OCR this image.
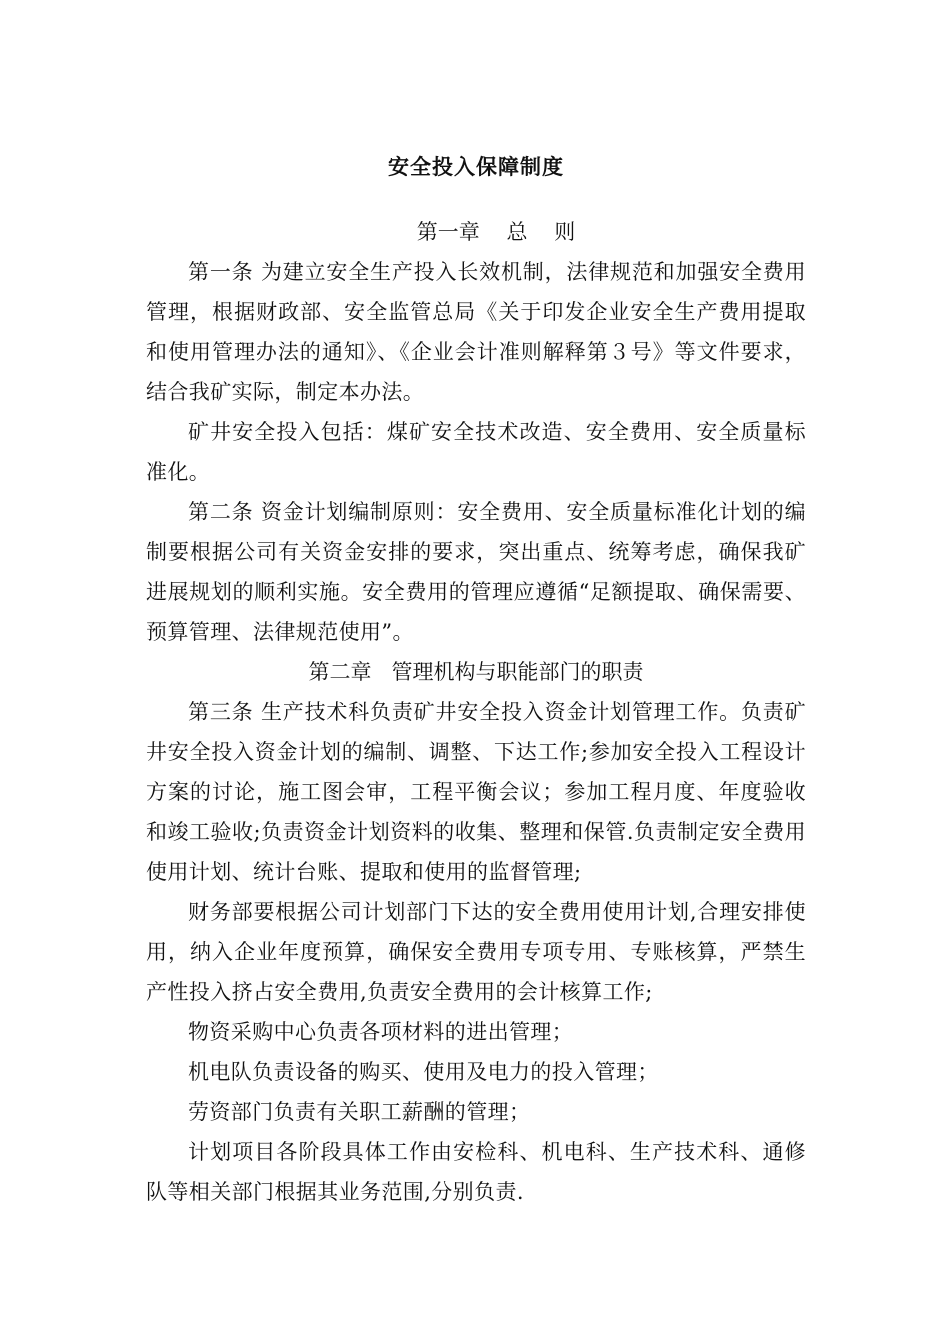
安全投入保障制度
第一章    总    则

第一条 为建立安全生产投入长效机制，法律规范和加强安全费用管理，根据财政部、安全监管总局《关于印发企业安全生产费用提取和使用管理办法的通知》、《企业会计准则解释第３号》等文件要求，结合我矿实际，制定本办法。

矿井安全投入包括：煤矿安全技术改造、安全费用、安全质量标准化。

第二条 资金计划编制原则：安全费用、安全质量标准化计划的编制要根据公司有关资金安排的要求，突出重点、统筹考虑，确保我矿进展规划的顺利实施。安全费用的管理应遵循“足额提取、确保需要、预算管理、法律规范使用”。

第二章   管理机构与职能部门的职责

第三条 生产技术科负责矿井安全投入资金计划管理工作。负责矿井安全投入资金计划的编制、调整、下达工作;参加安全投入工程设计方案的讨论，施工图会审，工程平衡会议；参加工程月度、年度验收和竣工验收;负责资金计划资料的收集、整理和保管.负责制定安全费用使用计划、统计台账、提取和使用的监督管理;

财务部要根据公司计划部门下达的安全费用使用计划,合理安排使用，纳入企业年度预算，确保安全费用专项专用、专账核算，严禁生产性投入挤占安全费用,负责安全费用的会计核算工作;

物资采购中心负责各项材料的进出管理；

机电队负责设备的购买、使用及电力的投入管理；

劳资部门负责有关职工薪酬的管理；

计划项目各阶段具体工作由安检科、机电科、生产技术科、通修队等相关部门根据其业务范围,分别负责.
